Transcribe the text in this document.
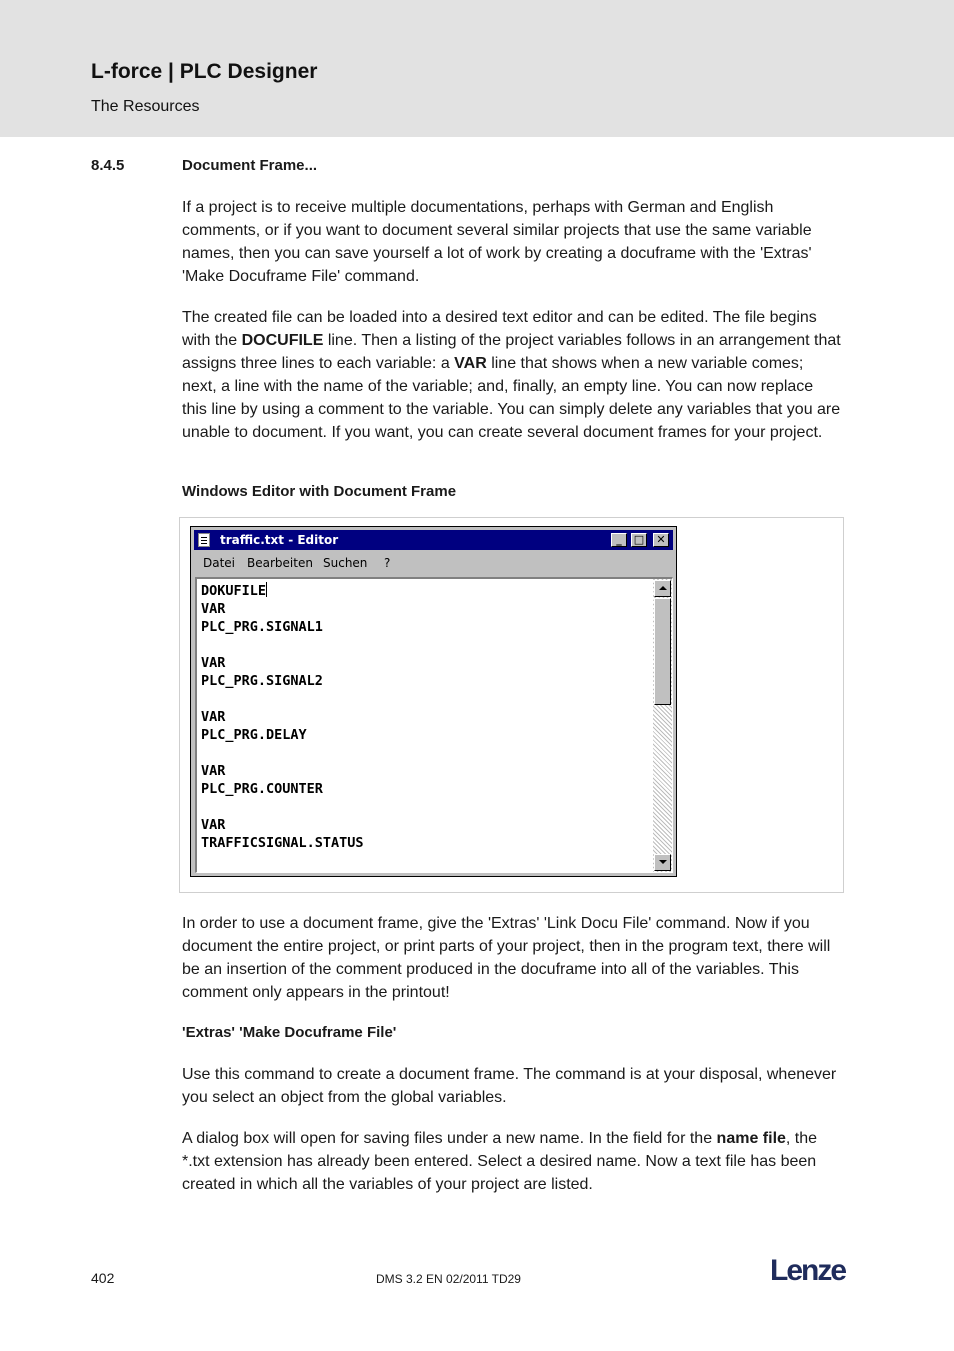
L-force | PLC Designer
The Resources
8.4.5	Document Frame...

If a project is to receive multiple documentations, perhaps with German and English comments, or if you want to document several similar projects that use the same variable names, then you can save yourself a lot of work by creating a docuframe with the 'Extras' 'Make Docuframe File' command.

The created file can be loaded into a desired text editor and can be edited. The file begins with the DOCUFILE line. Then a listing of the project variables follows in an arrangement that assigns three lines to each variable: a VAR line that shows when a new variable comes; next, a line with the name of the variable; and, finally, an empty line. You can now replace this line by using a comment to the variable. You can simply delete any variables that you are unable to document. If you want, you can create several document frames for your project.

Windows Editor with Document Frame
traffic.txt - Editor	_	□	✕
Datei Bearbeiten Suchen ?
DOKUFILE
VAR
PLC_PRG.SIGNAL1

VAR
PLC_PRG.SIGNAL2

VAR
PLC_PRG.DELAY

VAR
PLC_PRG.COUNTER

VAR
TRAFFICSIGNAL.STATUS

In order to use a document frame, give the 'Extras' 'Link Docu File' command. Now if you document the entire project, or print parts of your project, then in the program text, there will be an insertion of the comment produced in the docuframe into all of the variables. This comment only appears in the printout!

'Extras' 'Make Docuframe File'

Use this command to create a document frame. The command is at your disposal, whenever you select an object from the global variables.

A dialog box will open for saving files under a new name. In the field for the name file, the *.txt extension has already been entered. Select a desired name. Now a text file has been created in which all the variables of your project are listed.

402	DMS 3.2 EN 02/2011 TD29	Lenze
